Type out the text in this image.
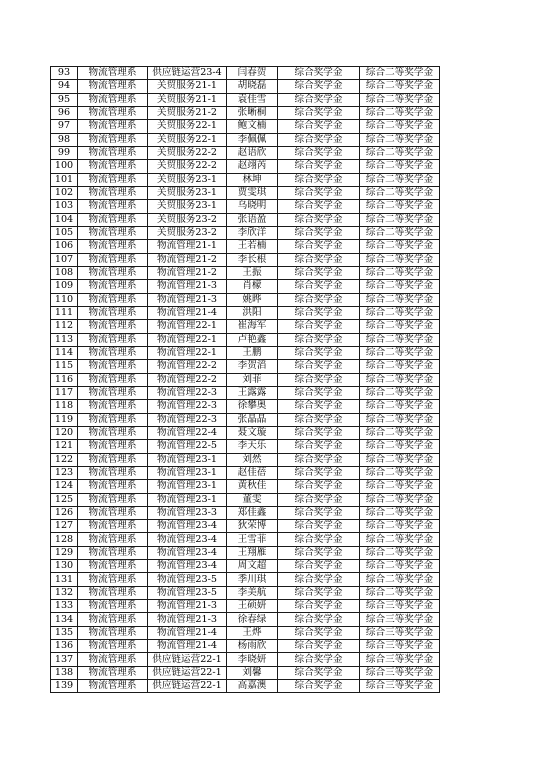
93	物流管理系	供应链运营23-4	闫春贺	综合奖学金	综合二等奖学金
94	物流管理系	关贸服务21-1	胡晓磊	综合奖学金	综合二等奖学金
95	物流管理系	关贸服务21-1	袁佳雪	综合奖学金	综合二等奖学金
96	物流管理系	关贸服务21-2	张晰桐	综合奖学金	综合二等奖学金
97	物流管理系	关贸服务22-1	鲍文楠	综合奖学金	综合二等奖学金
98	物流管理系	关贸服务22-1	李佩佩	综合奖学金	综合二等奖学金
99	物流管理系	关贸服务22-2	赵语欣	综合奖学金	综合二等奖学金
100	物流管理系	关贸服务22-2	赵翊芮	综合奖学金	综合二等奖学金
101	物流管理系	关贸服务23-1	林坤	综合奖学金	综合二等奖学金
102	物流管理系	关贸服务23-1	贾雯琪	综合奖学金	综合二等奖学金
103	物流管理系	关贸服务23-1	乌晓明	综合奖学金	综合二等奖学金
104	物流管理系	关贸服务23-2	张语盈	综合奖学金	综合二等奖学金
105	物流管理系	关贸服务23-2	李欣洋	综合奖学金	综合二等奖学金
106	物流管理系	物流管理21-1	王若楠	综合奖学金	综合二等奖学金
107	物流管理系	物流管理21-2	李长根	综合奖学金	综合二等奖学金
108	物流管理系	物流管理21-2	王振	综合奖学金	综合二等奖学金
109	物流管理系	物流管理21-3	肖檬	综合奖学金	综合二等奖学金
110	物流管理系	物流管理21-3	姚晔	综合奖学金	综合二等奖学金
111	物流管理系	物流管理21-4	洪阳	综合奖学金	综合二等奖学金
112	物流管理系	物流管理22-1	崔海军	综合奖学金	综合二等奖学金
113	物流管理系	物流管理22-1	卢艳鑫	综合奖学金	综合二等奖学金
114	物流管理系	物流管理22-1	王鹏	综合奖学金	综合二等奖学金
115	物流管理系	物流管理22-2	李贺滔	综合奖学金	综合二等奖学金
116	物流管理系	物流管理22-2	刘菲	综合奖学金	综合二等奖学金
117	物流管理系	物流管理22-3	王露露	综合奖学金	综合二等奖学金
118	物流管理系	物流管理22-3	徐攀奥	综合奖学金	综合二等奖学金
119	物流管理系	物流管理22-3	张晶晶	综合奖学金	综合二等奖学金
120	物流管理系	物流管理22-4	聂文璇	综合奖学金	综合二等奖学金
121	物流管理系	物流管理22-5	李天乐	综合奖学金	综合二等奖学金
122	物流管理系	物流管理23-1	刘然	综合奖学金	综合二等奖学金
123	物流管理系	物流管理23-1	赵佳蓓	综合奖学金	综合二等奖学金
124	物流管理系	物流管理23-1	黄秋佳	综合奖学金	综合二等奖学金
125	物流管理系	物流管理23-1	董雯	综合奖学金	综合二等奖学金
126	物流管理系	物流管理23-3	郑佳鑫	综合奖学金	综合二等奖学金
127	物流管理系	物流管理23-4	狄荣博	综合奖学金	综合二等奖学金
128	物流管理系	物流管理23-4	王雪菲	综合奖学金	综合二等奖学金
129	物流管理系	物流管理23-4	王翔雁	综合奖学金	综合二等奖学金
130	物流管理系	物流管理23-4	周文超	综合奖学金	综合二等奖学金
131	物流管理系	物流管理23-5	季川琪	综合奖学金	综合二等奖学金
132	物流管理系	物流管理23-5	李美航	综合奖学金	综合二等奖学金
133	物流管理系	物流管理21-3	王硕妍	综合奖学金	综合三等奖学金
134	物流管理系	物流管理21-3	徐春绿	综合奖学金	综合三等奖学金
135	物流管理系	物流管理21-4	王烨	综合奖学金	综合三等奖学金
136	物流管理系	物流管理21-4	杨雨欣	综合奖学金	综合三等奖学金
137	物流管理系	供应链运营22-1	李晓妍	综合奖学金	综合三等奖学金
138	物流管理系	供应链运营22-1	刘馨	综合奖学金	综合三等奖学金
139	物流管理系	供应链运营22-1	高嘉澳	综合奖学金	综合三等奖学金
